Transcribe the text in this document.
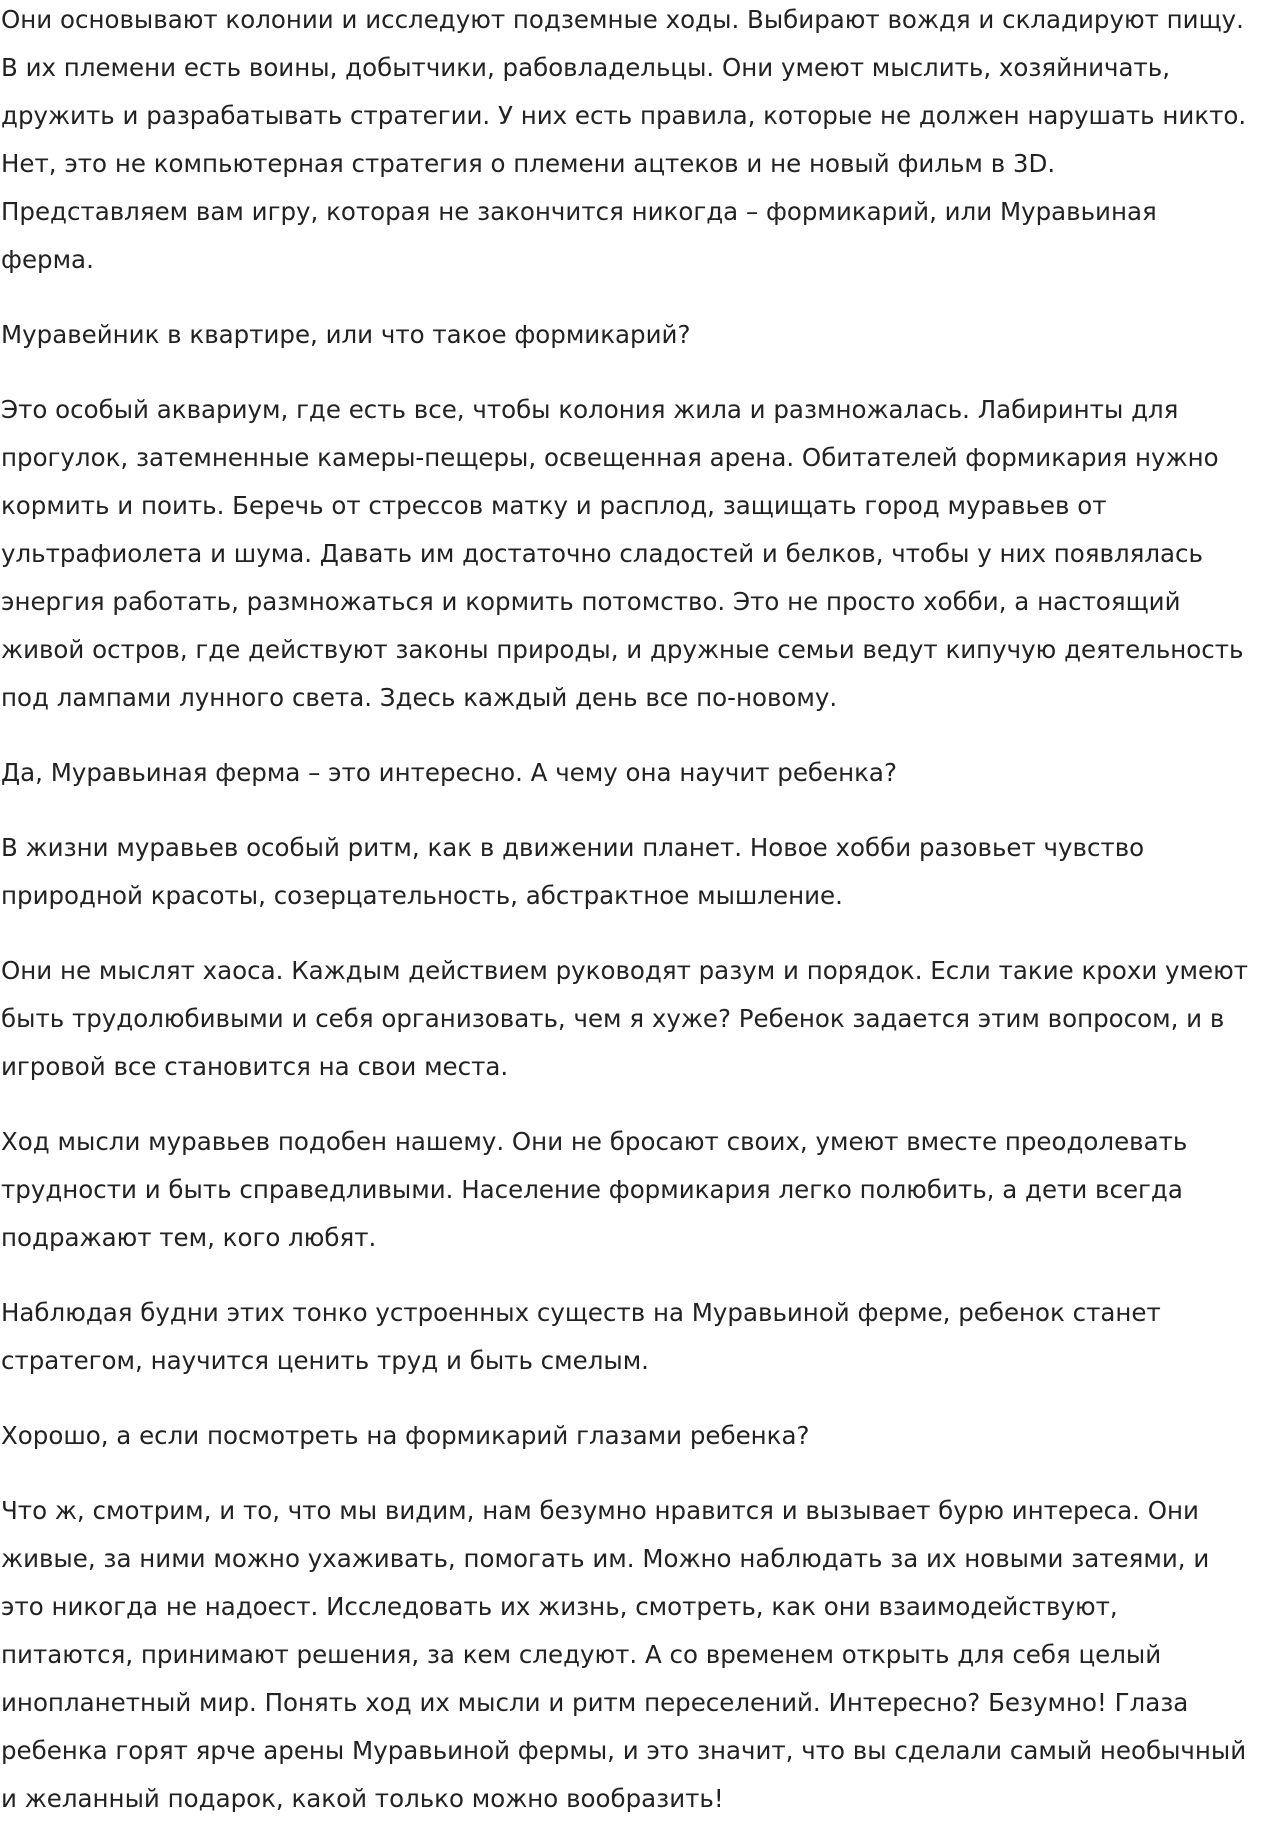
Они основывают колонии и исследуют подземные ходы. Выбирают вождя и складируют пищу. В их племени есть воины, добытчики, рабовладельцы. Они умеют мыслить, хозяйничать, дружить и разрабатывать стратегии. У них есть правила, которые не должен нарушать никто. Нет, это не компьютерная стратегия о племени ацтеков и не новый фильм в 3D. Представляем вам игру, которая не закончится никогда – формикарий, или Муравьиная ферма.

Муравейник в квартире, или что такое формикарий?

Это особый аквариум, где есть все, чтобы колония жила и размножалась. Лабиринты для прогулок, затемненные камеры-пещеры, освещенная арена. Обитателей формикария нужно кормить и поить. Беречь от стрессов матку и расплод, защищать город муравьев от ультрафиолета и шума. Давать им достаточно сладостей и белков, чтобы у них появлялась энергия работать, размножаться и кормить потомство. Это не просто хобби, а настоящий живой остров, где действуют законы природы, и дружные семьи ведут кипучую деятельность под лампами лунного света. Здесь каждый день все по-новому.

Да, Муравьиная ферма – это интересно. А чему она научит ребенка?

В жизни муравьев особый ритм, как в движении планет. Новое хобби разовьет чувство природной красоты, созерцательность, абстрактное мышление.

Они не мыслят хаоса. Каждым действием руководят разум и порядок. Если такие крохи умеют быть трудолюбивыми и себя организовать, чем я хуже? Ребенок задается этим вопросом, и в игровой все становится на свои места.

Ход мысли муравьев подобен нашему. Они не бросают своих, умеют вместе преодолевать трудности и быть справедливыми. Население формикария легко полюбить, а дети всегда подражают тем, кого любят.

Наблюдая будни этих тонко устроенных существ на Муравьиной ферме, ребенок станет стратегом, научится ценить труд и быть смелым.

Хорошо, а если посмотреть на формикарий глазами ребенка?

Что ж, смотрим, и то, что мы видим, нам безумно нравится и вызывает бурю интереса. Они живые, за ними можно ухаживать, помогать им. Можно наблюдать за их новыми затеями, и это никогда не надоест. Исследовать их жизнь, смотреть, как они взаимодействуют, питаются, принимают решения, за кем следуют. А со временем открыть для себя целый инопланетный мир. Понять ход их мысли и ритм переселений. Интересно? Безумно! Глаза ребенка горят ярче арены Муравьиной фермы, и это значит, что вы сделали самый необычный и желанный подарок, какой только можно вообразить!
